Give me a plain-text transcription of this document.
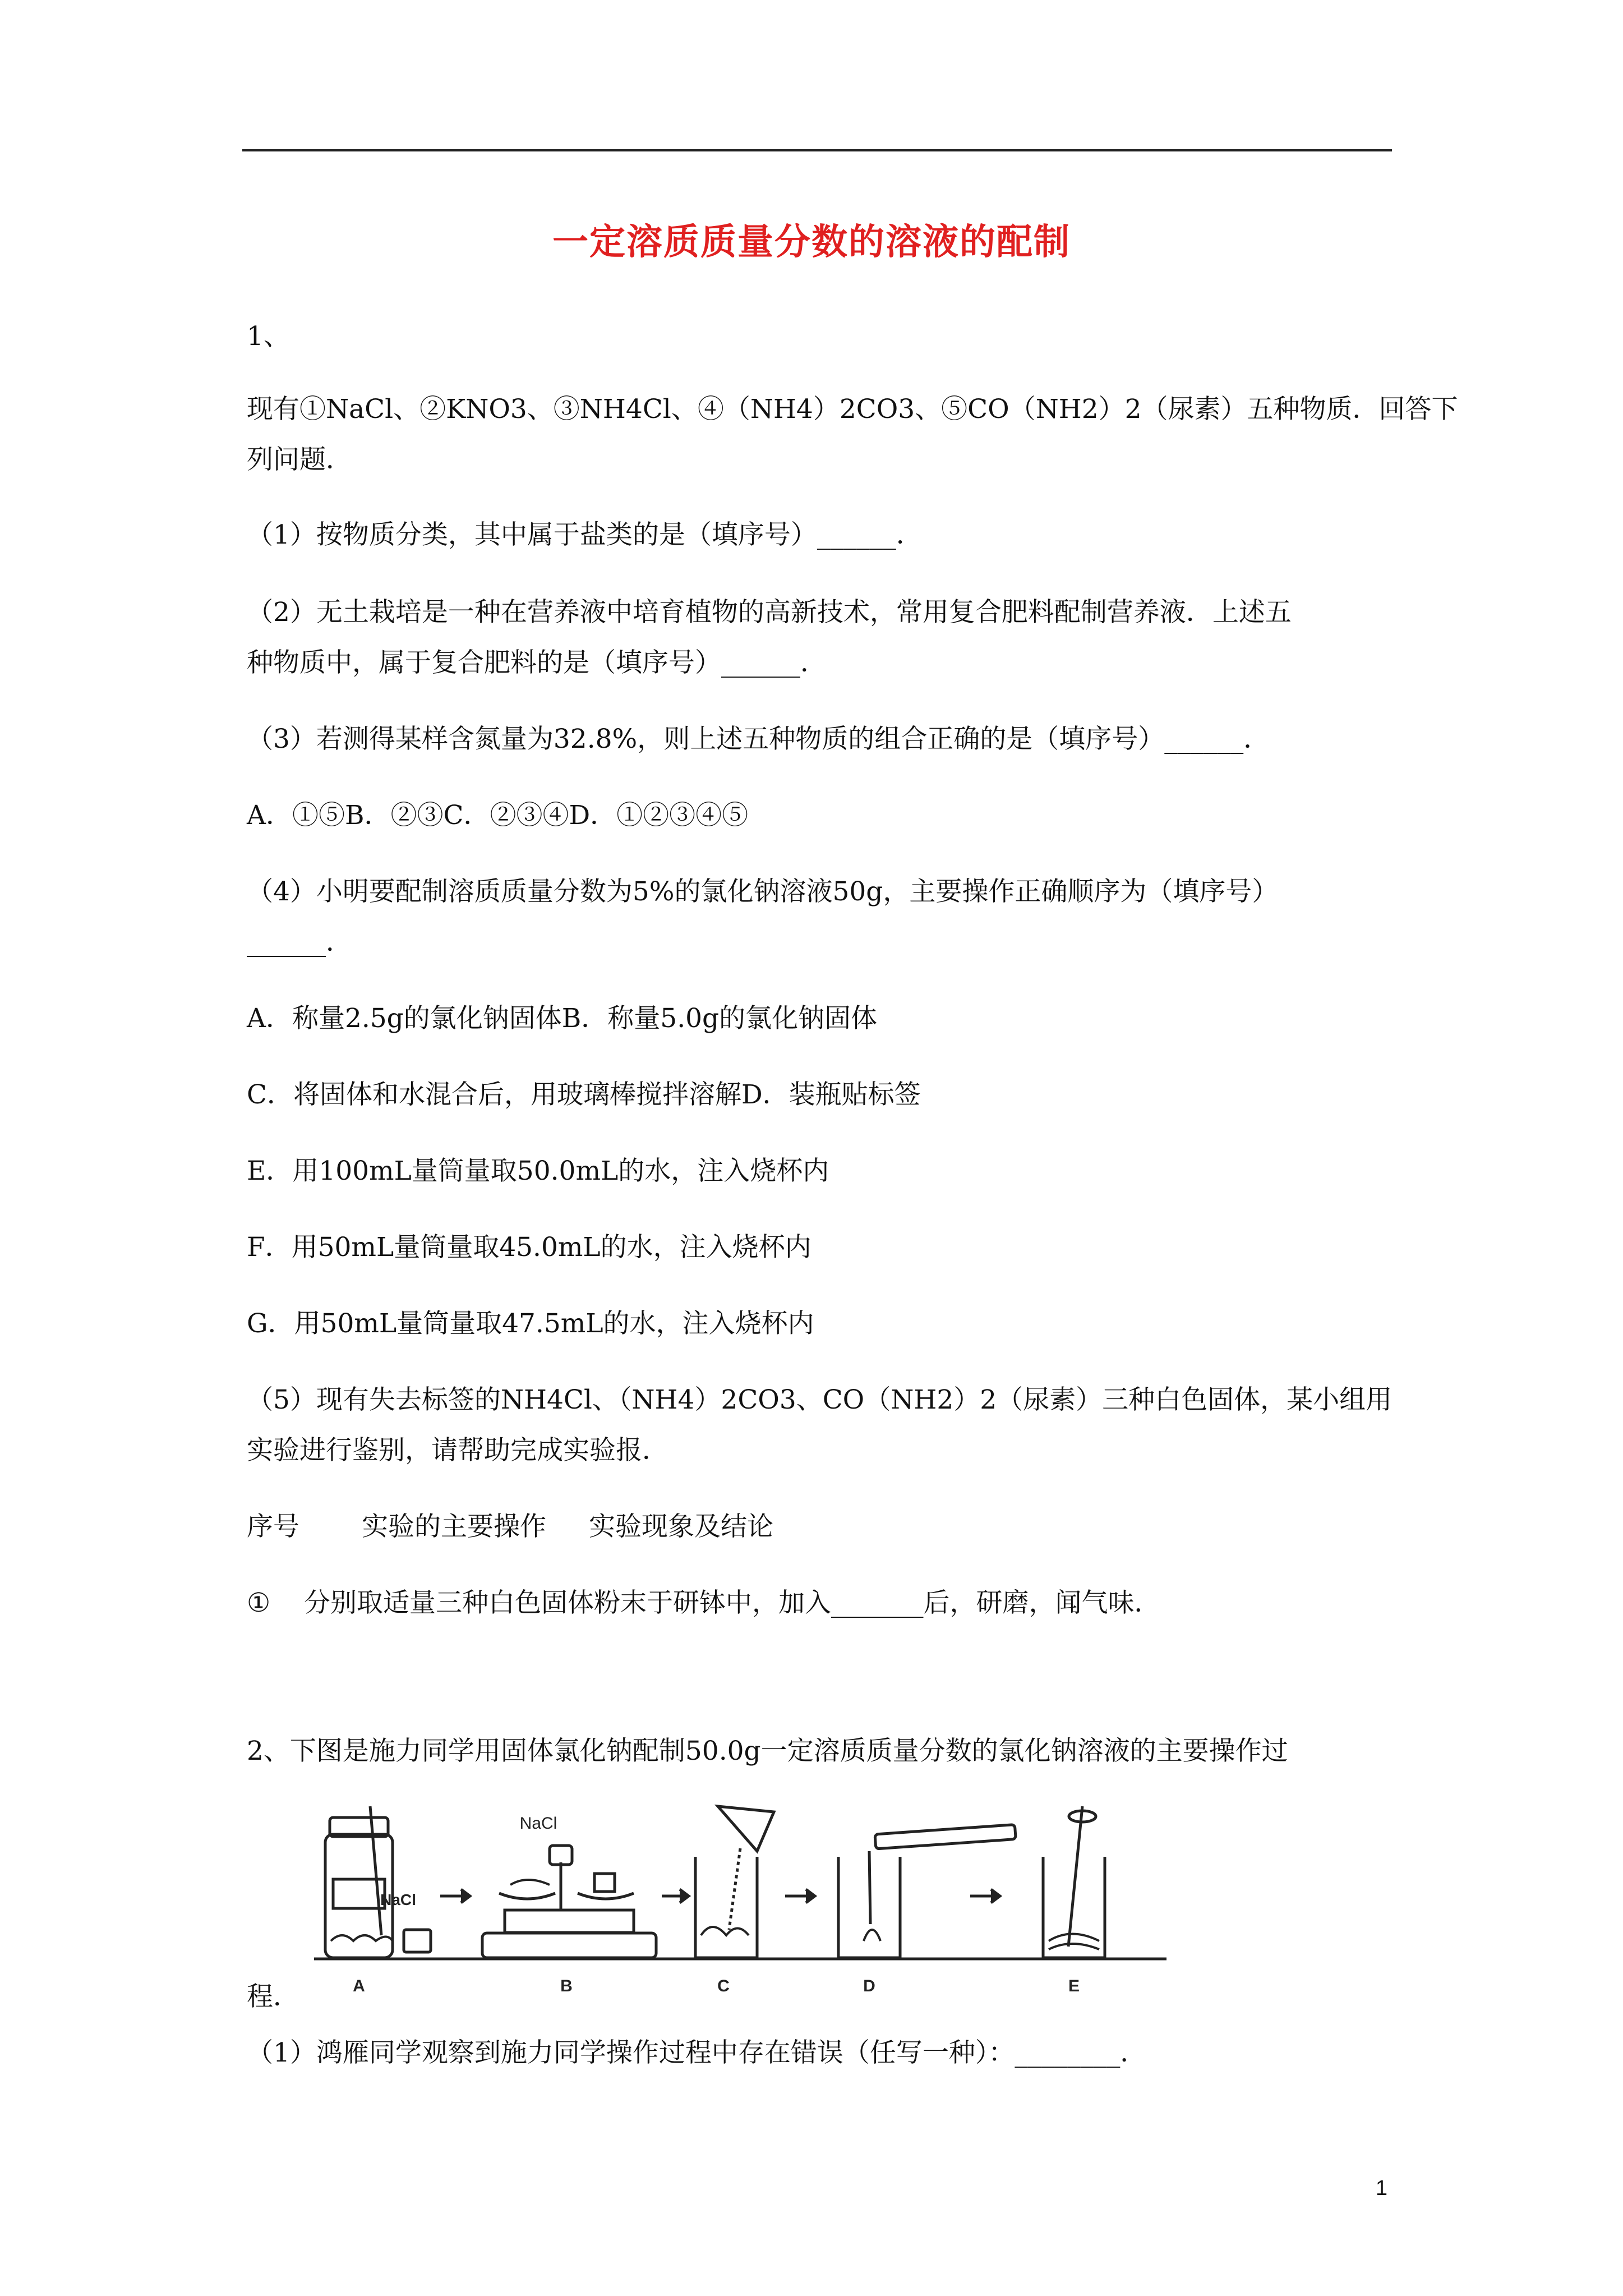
一定溶质质量分数的溶液的配制
1、
现有①NaCl、②KNO3、③NH4Cl、④（NH4）2CO3、⑤CO（NH2）2（尿素）五种物质．回答下
列问题．
（1）按物质分类，其中属于盐类的是（填序号）______．
（2）无土栽培是一种在营养液中培育植物的高新技术，常用复合肥料配制营养液．上述五
种物质中，属于复合肥料的是（填序号）______．
（3）若测得某样含氮量为32.8%，则上述五种物质的组合正确的是（填序号）______．
A．①⑤B．②③C．②③④D．①②③④⑤
（4）小明要配制溶质质量分数为5%的氯化钠溶液50g，主要操作正确顺序为（填序号）
______．
A．称量2.5g的氯化钠固体B．称量5.0g的氯化钠固体
C．将固体和水混合后，用玻璃棒搅拌溶解D．装瓶贴标签
E．用100mL量筒量取50.0mL的水，注入烧杯内
F．用50mL量筒量取45.0mL的水，注入烧杯内
G．用50mL量筒量取47.5mL的水，注入烧杯内
（5）现有失去标签的NH4Cl、（NH4）2CO3、CO（NH2）2（尿素）三种白色固体，某小组用
实验进行鉴别，请帮助完成实验报．
序号 实验的主要操作 实验现象及结论
① 分别取适量三种白色固体粉末于研钵中，加入_______后，研磨，闻气味．
2、下图是施力同学用固体氯化钠配制50.0g一定溶质质量分数的氯化钠溶液的主要操作过
NaCl
NaCl
A	B	C	D	E
程．
（1）鸿雁同学观察到施力同学操作过程中存在错误（任写一种）：________．
1
